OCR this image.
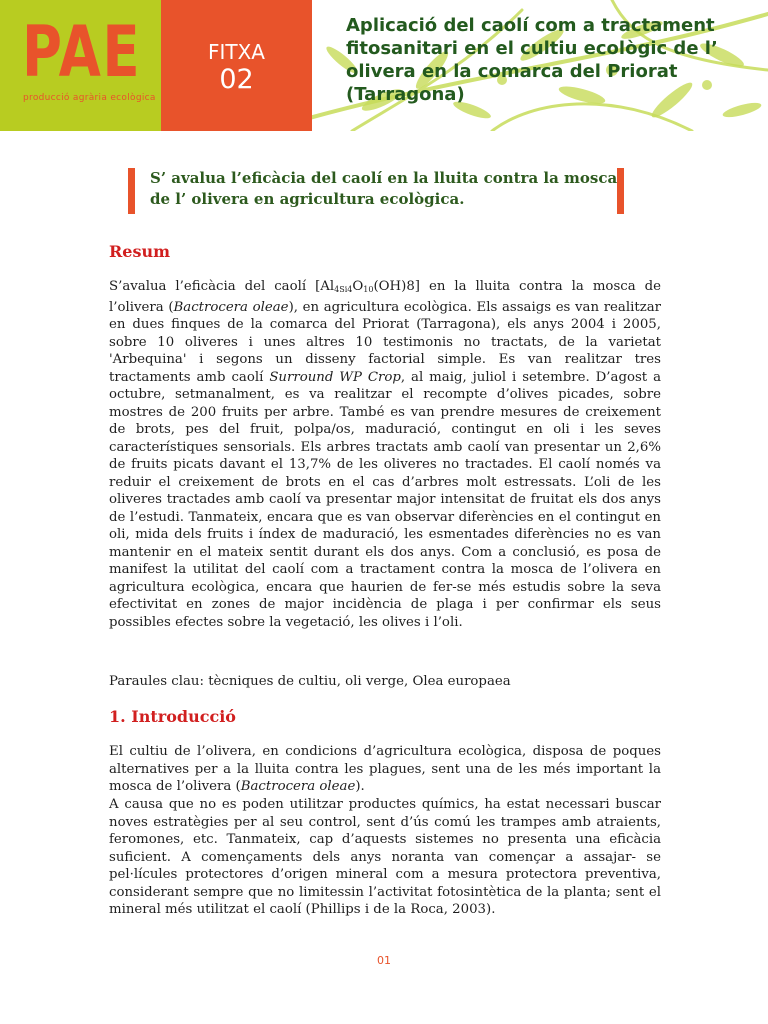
PAE
producció agrària ecològica
FITXA
02
Aplicació del caolí com a tractament fitosanitari en el cultiu ecològic de l’ olivera en la comarca del Priorat (Tarragona)
S’ avalua l’eficàcia del caolí en la lluita contra la mosca de l’ olivera en agricultura ecològica.
Resum

S’avalua l’eficàcia del caolí $[Al_{4Si4}O_{10}(OH)8]$ en la lluita contra la mosca de l’olivera (Bactrocera oleae), en agricultura ecològica. Els assaigs es van realitzar en dues finques de la comarca del Priorat (Tarragona), els anys 2004 i 2005, sobre 10 oliveres i unes altres 10 testimonis no tractats, de la varietat 'Arbequina' i segons un disseny factorial simple. Es van realitzar tres tractaments amb caolí Surround WP Crop, al maig, juliol i setembre. D’agost a octubre, setmanalment, es va realitzar el recompte d’olives picades, sobre mostres de 200 fruits per arbre. També es van prendre mesures de creixement de brots, pes del fruit, polpa/os, maduració, contingut en oli i les seves característiques sensorials. Els arbres tractats amb caolí van presentar un 2,6% de fruits picats davant el 13,7% de les oliveres no tractades. El caolí només va reduir el creixement de brots en el cas d’arbres molt estressats. L’oli de les oliveres tractades amb caolí va presentar major intensitat de fruitat els dos anys de l’estudi. Tanmateix, encara que es van observar diferències en el contingut en oli, mida dels fruits i índex de maduració, les esmentades diferències no es van mantenir en el mateix sentit durant els dos anys. Com a conclusió, es posa de manifest la utilitat del caolí com a tractament contra la mosca de l’olivera en agricultura ecològica, encara que haurien de fer-se més estudis sobre la seva efectivitat en zones de major incidència de plaga i per confirmar els seus possibles efectes sobre la vegetació, les olives i l’oli.

Paraules clau: tècniques de cultiu, oli verge, Olea europaea

1. Introducció

El cultiu de l’olivera, en condicions d’agricultura ecològica, disposa de poques alternatives per a la lluita contra les plagues, sent una de les més important la mosca de l’olivera (Bactrocera oleae).

A causa que no es poden utilitzar productes químics, ha estat necessari buscar noves estratègies per al seu control, sent d’ús comú les trampes amb atraients, feromones, etc. Tanmateix, cap d’aquests sistemes no presenta una eficàcia suficient. A començaments dels anys noranta van començar a assajar- se pel·lícules protectores d’origen mineral com a mesura protectora preventiva, considerant sempre que no limitessin l’activitat fotosintètica de la planta; sent el mineral més utilitzat el caolí (Phillips i de la Roca, 2003).

01
